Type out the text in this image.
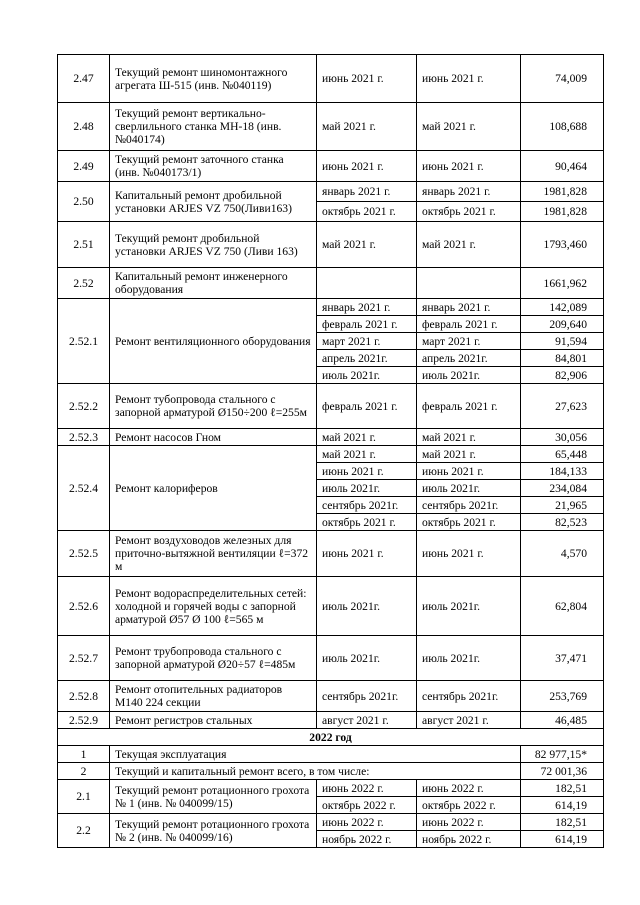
2.47	Текущий ремонт шиномонтажного агрегата Ш-515 (инв. №040119)	июнь 2021 г.	июнь 2021 г.	74,009
2.48	Текущий ремонт вертикально-сверлильного станка МН-18 (инв. №040174)	май 2021 г.	май 2021 г.	108,688
2.49	Текущий ремонт заточного станка (инв. №040173/1)	июнь 2021 г.	июнь 2021 г.	90,464
2.50	Капитальный ремонт дробильной установки ARJES VZ 750(Ливи163)	январь 2021 г.	январь 2021 г.	1981,828
		октябрь 2021 г.	октябрь 2021 г.	1981,828
2.51	Текущий ремонт дробильной установки ARJES VZ 750 (Ливи 163)	май 2021 г.	май 2021 г.	1793,460
2.52	Капитальный ремонт инженерного оборудования			1661,962
2.52.1	Ремонт вентиляционного оборудования	январь 2021 г.	январь 2021 г.	142,089
		февраль 2021 г.	февраль 2021 г.	209,640
		март 2021 г.	март 2021 г.	91,594
		апрель 2021г.	апрель 2021г.	84,801
		июль 2021г.	июль 2021г.	82,906
2.52.2	Ремонт тубопровода стального с запорной арматурой Ø150÷200 ℓ=255м	февраль 2021 г.	февраль 2021 г.	27,623
2.52.3	Ремонт насосов Гном	май 2021 г.	май 2021 г.	30,056
2.52.4	Ремонт калориферов	май 2021 г.	май 2021 г.	65,448
		июнь 2021 г.	июнь 2021 г.	184,133
		июль 2021г.	июль 2021г.	234,084
		сентябрь 2021г.	сентябрь 2021г.	21,965
		октябрь 2021 г.	октябрь 2021 г.	82,523
2.52.5	Ремонт воздуховодов железных для приточно-вытяжной вентиляции ℓ=372 м	июнь 2021 г.	июнь 2021 г.	4,570
2.52.6	Ремонт водораспределительных сетей: холодной и горячей воды с запорной арматурой Ø57 Ø 100 ℓ=565 м	июль 2021г.	июль 2021г.	62,804
2.52.7	Ремонт трубопровода стального с запорной арматурой Ø20÷57 ℓ=485м	июль 2021г.	июль 2021г.	37,471
2.52.8	Ремонт отопительных радиаторов М140 224 секции	сентябрь 2021г.	сентябрь 2021г.	253,769
2.52.9	Ремонт регистров стальных	август 2021 г.	август 2021 г.	46,485
2022 год				
1	Текущая эксплуатация			82 977,15*
2	Текущий и капитальный ремонт всего, в том числе:			72 001,36
2.1	Текущий ремонт ротационного грохота № 1 (инв. № 040099/15)	июнь 2022 г.	июнь 2022 г.	182,51
		октябрь 2022 г.	октябрь 2022 г.	614,19
2.2	Текущий ремонт ротационного грохота № 2 (инв. № 040099/16)	июнь 2022 г.	июнь 2022 г.	182,51
		ноябрь 2022 г.	ноябрь 2022 г.	614,19
